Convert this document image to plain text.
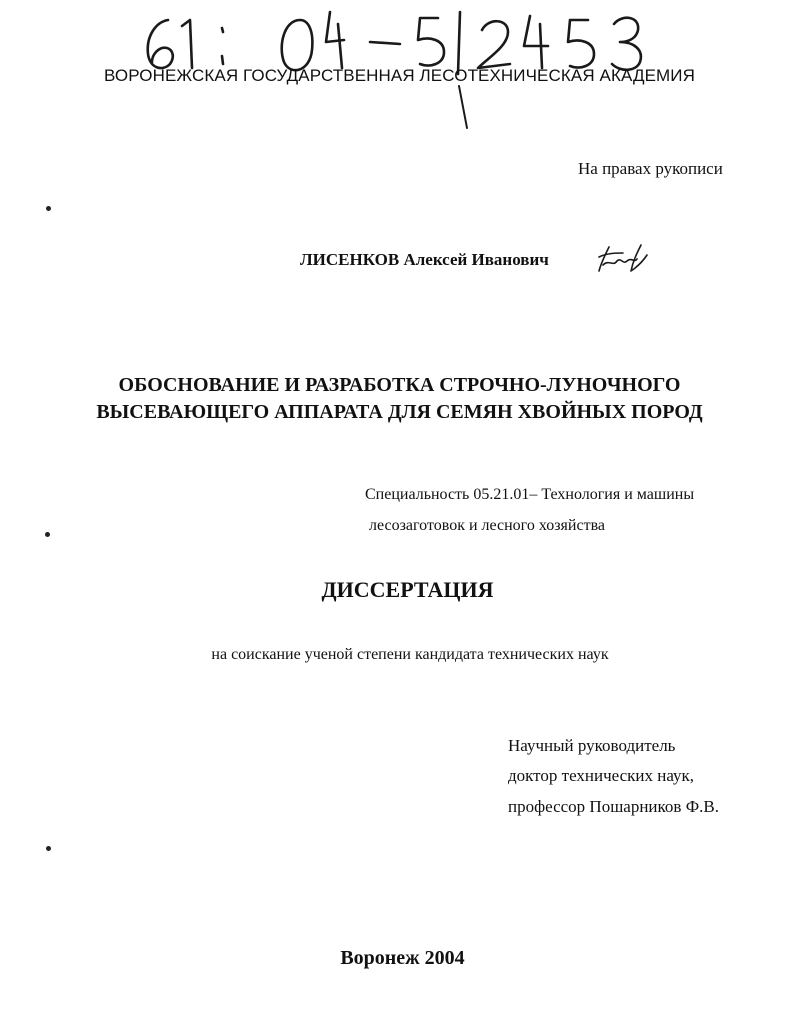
ВОРОНЕЖСКАЯ ГОСУДАРСТВЕННАЯ ЛЕСОТЕХНИЧЕСКАЯ АКАДЕМИЯ
На правах рукописи
ЛИСЕНКОВ Алексей Иванович
ОБОСНОВАНИЕ И РАЗРАБОТКА СТРОЧНО-ЛУНОЧНОГО
ВЫСЕВАЮЩЕГО АППАРАТА ДЛЯ СЕМЯН ХВОЙНЫХ ПОРОД
Специальность 05.21.01– Технология и машины
лесозаготовок и лесного хозяйства
ДИССЕРТАЦИЯ
на соискание ученой степени кандидата технических наук
Научный руководитель
доктор технических наук,
профессор Пошарников Ф.В.
Воронеж 2004
